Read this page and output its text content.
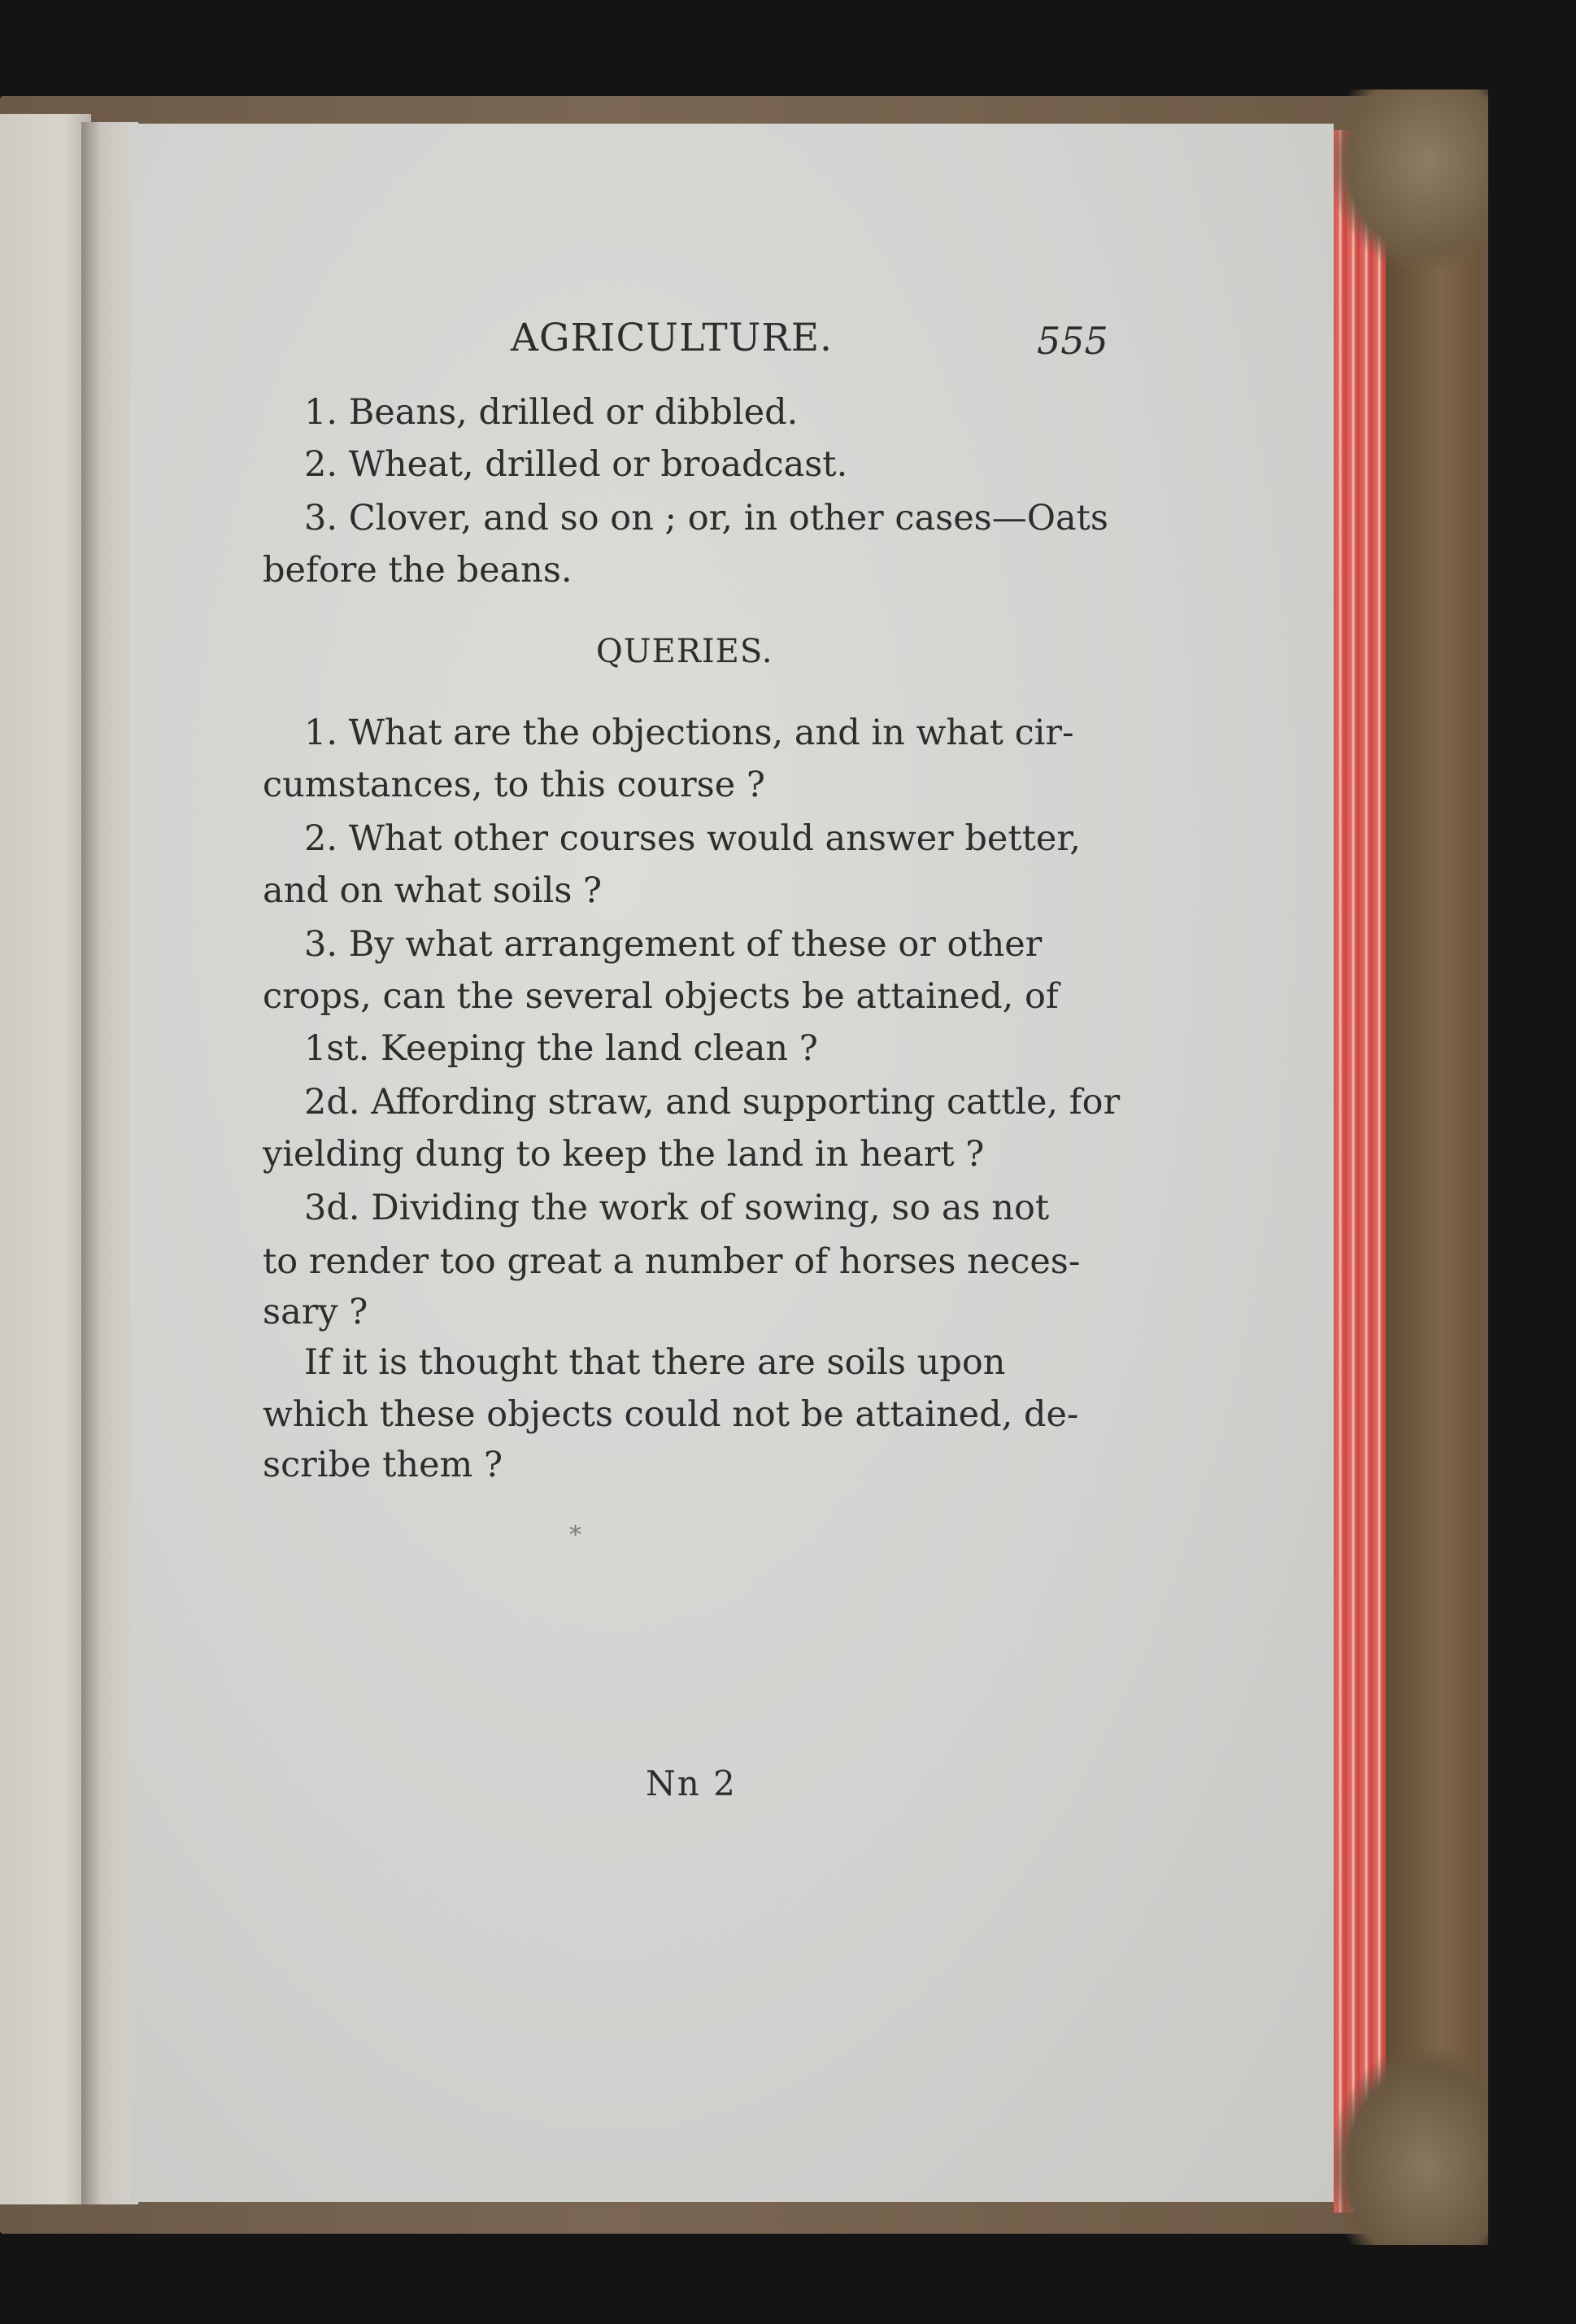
AGRICULTURE.	555
1. Beans, drilled or dibbled.
2. Wheat, drilled or broadcast.
3. Clover, and so on ; or, in other cases—Oats
before the beans.
QUERIES.
1. What are the objections, and in what cir-
cumstances, to this course ?
2. What other courses would answer better,
and on what soils ?
3. By what arrangement of these or other
crops, can the several objects be attained, of
1st. Keeping the land clean ?
2d. Affording straw, and supporting cattle, for
yielding dung to keep the land in heart ?
3d. Dividing the work of sowing, so as not
to render too great a number of horses neces-
sary ?
If it is thought that there are soils upon
which these objects could not be attained, de-
scribe them ?
*
Nn 2
